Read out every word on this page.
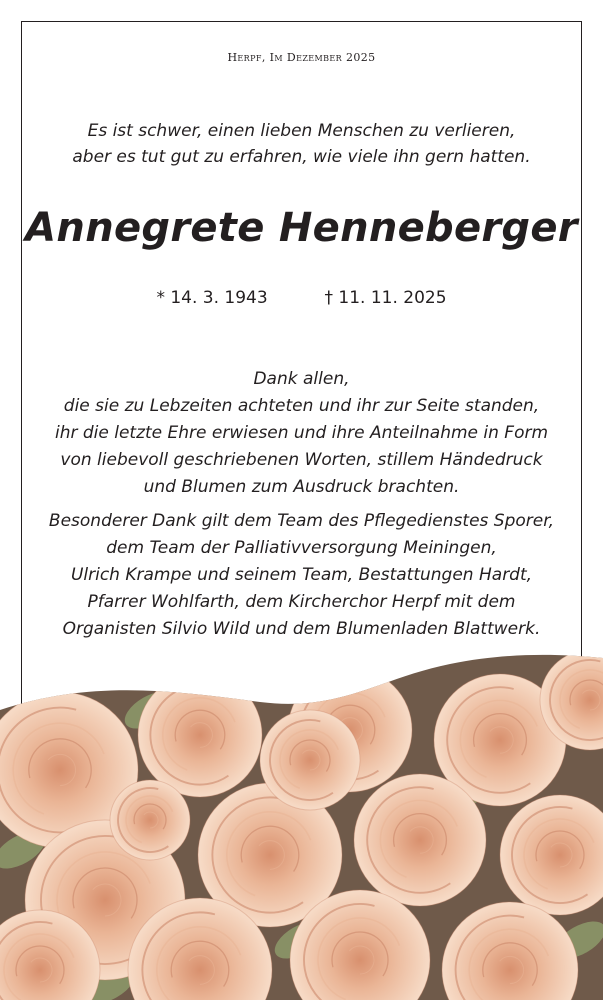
Herpf, Im Dezember 2025
Es ist schwer, einen lieben Menschen zu verlieren,
aber es tut gut zu erfahren, wie viele ihn gern hatten.
Annegrete Henneberger
* 14. 3. 1943	† 11. 11. 2025
Dank allen,
die sie zu Lebzeiten achteten und ihr zur Seite standen,
ihr die letzte Ehre erwiesen und ihre Anteilnahme in Form
von liebevoll geschriebenen Worten, stillem Händedruck
und Blumen zum Ausdruck brachten.
Besonderer Dank gilt dem Team des Pflegedienstes Sporer,
dem Team der Palliativversorgung Meiningen,
Ulrich Krampe und seinem Team, Bestattungen Hardt,
Pfarrer Wohlfarth, dem Kircherchor Herpf mit dem
Organisten Silvio Wild und dem Blumenladen Blattwerk.
